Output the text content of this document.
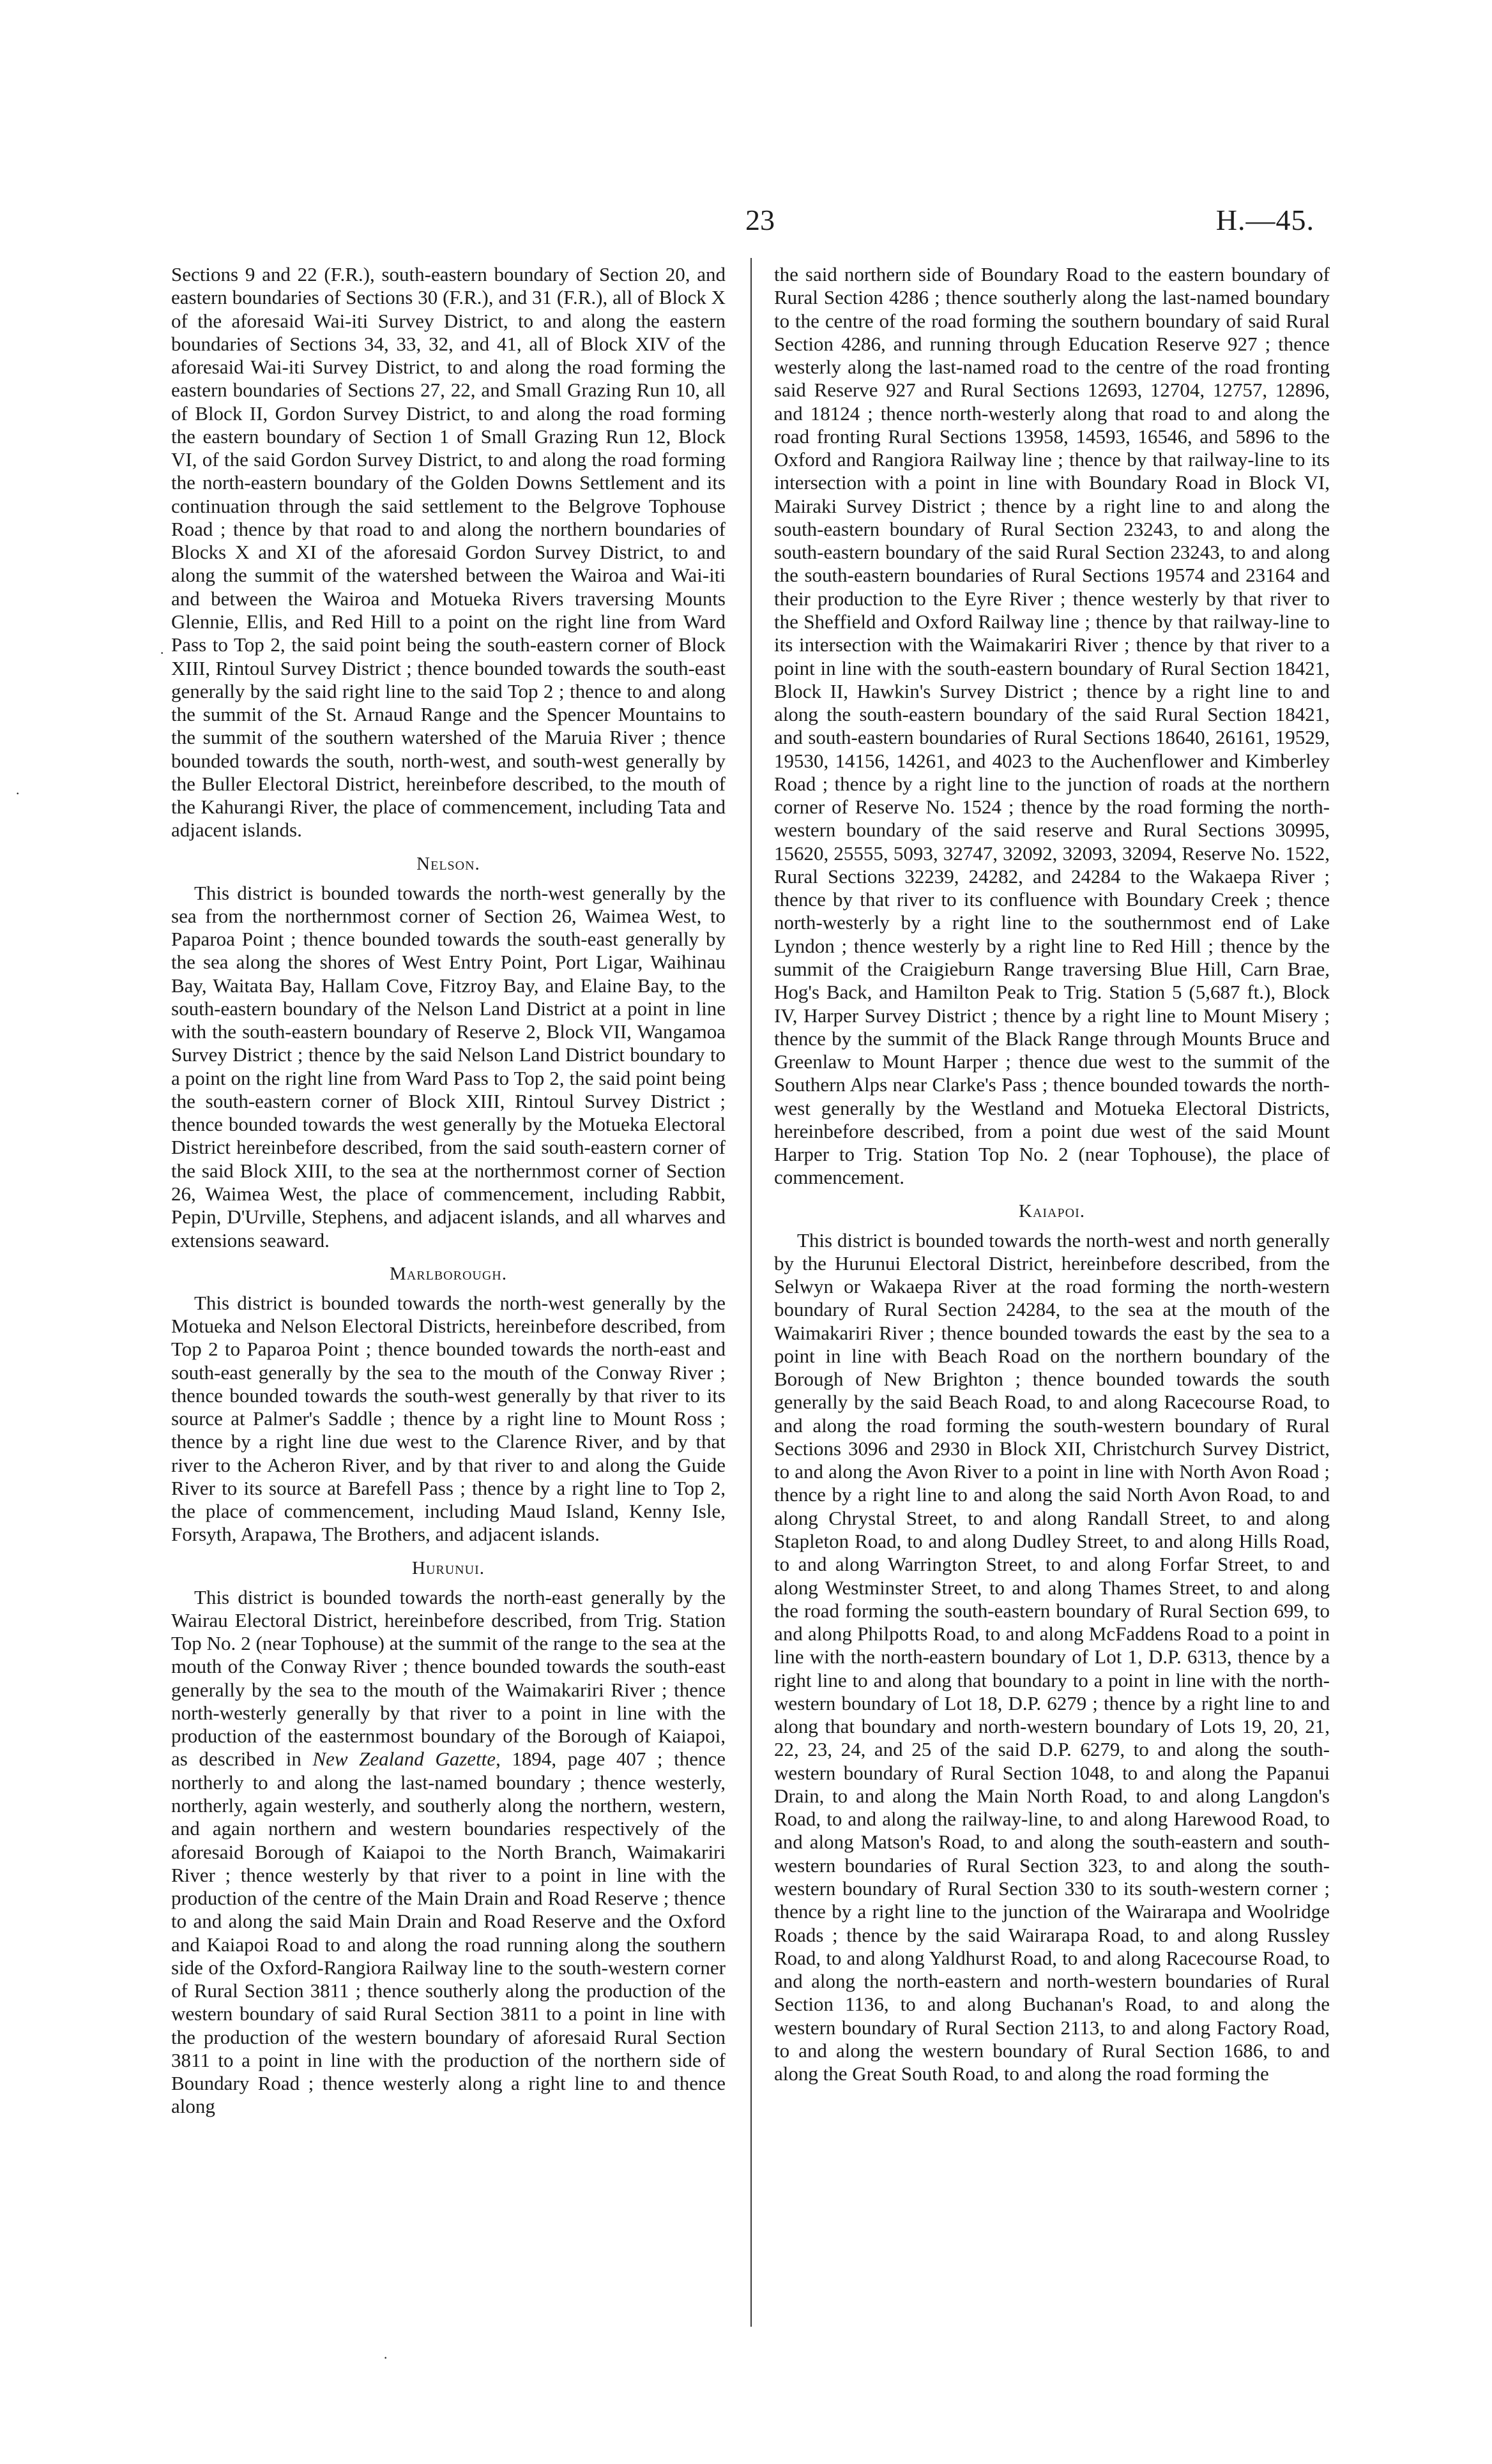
23	H.—45.
·
·
·

Sections 9 and 22 (F.R.), south-eastern boundary of Section 20, and eastern boundaries of Sections 30 (F.R.), and 31 (F.R.), all of Block X of the aforesaid Wai-iti Survey District, to and along the eastern boundaries of Sections 34, 33, 32, and 41, all of Block XIV of the aforesaid Wai-iti Survey District, to and along the road forming the eastern boundaries of Sections 27, 22, and Small Grazing Run 10, all of Block II, Gordon Survey District, to and along the road forming the eastern boundary of Section 1 of Small Grazing Run 12, Block VI, of the said Gordon Survey District, to and along the road forming the north-eastern boundary of the Golden Downs Settlement and its continuation through the said settlement to the Belgrove Tophouse Road ; thence by that road to and along the northern boundaries of Blocks X and XI of the aforesaid Gordon Survey District, to and along the summit of the watershed between the Wairoa and Wai-iti and between the Wairoa and Motueka Rivers traversing Mounts Glennie, Ellis, and Red Hill to a point on the right line from Ward Pass to Top 2, the said point being the south-eastern corner of Block XIII, Rintoul Survey District ; thence bounded towards the south-east generally by the said right line to the said Top 2 ; thence to and along the summit of the St. Arnaud Range and the Spencer Mountains to the summit of the southern watershed of the Maruia River ; thence bounded towards the south, north-west, and south-west generally by the Buller Electoral District, hereinbefore described, to the mouth of the Kahurangi River, the place of commencement, including Tata and adjacent islands.

Nelson.

This district is bounded towards the north-west generally by the sea from the northernmost corner of Section 26, Waimea West, to Paparoa Point ; thence bounded towards the south-east generally by the sea along the shores of West Entry Point, Port Ligar, Waihinau Bay, Waitata Bay, Hallam Cove, Fitzroy Bay, and Elaine Bay, to the south-eastern boundary of the Nelson Land District at a point in line with the south-eastern boundary of Reserve 2, Block VII, Wangamoa Survey District ; thence by the said Nelson Land District boundary to a point on the right line from Ward Pass to Top 2, the said point being the south-eastern corner of Block XIII, Rintoul Survey District ; thence bounded towards the west generally by the Motueka Electoral District hereinbefore described, from the said south-eastern corner of the said Block XIII, to the sea at the northernmost corner of Section 26, Waimea West, the place of commencement, including Rabbit, Pepin, D'Urville, Stephens, and adjacent islands, and all wharves and extensions seaward.

Marlborough.

This district is bounded towards the north-west generally by the Motueka and Nelson Electoral Districts, hereinbefore described, from Top 2 to Paparoa Point ; thence bounded towards the north-east and south-east generally by the sea to the mouth of the Conway River ; thence bounded towards the south-west generally by that river to its source at Palmer's Saddle ; thence by a right line to Mount Ross ; thence by a right line due west to the Clarence River, and by that river to the Acheron River, and by that river to and along the Guide River to its source at Barefell Pass ; thence by a right line to Top 2, the place of commencement, including Maud Island, Kenny Isle, Forsyth, Arapawa, The Brothers, and adjacent islands.

Hurunui.

This district is bounded towards the north-east generally by the Wairau Electoral District, hereinbefore described, from Trig. Station Top No. 2 (near Tophouse) at the summit of the range to the sea at the mouth of the Conway River ; thence bounded towards the south-east generally by the sea to the mouth of the Waimakariri River ; thence north-westerly generally by that river to a point in line with the production of the easternmost boundary of the Borough of Kaiapoi, as described in New Zealand Gazette, 1894, page 407 ; thence northerly to and along the last-named boundary ; thence westerly, northerly, again westerly, and southerly along the northern, western, and again northern and western boundaries respectively of the aforesaid Borough of Kaiapoi to the North Branch, Waimakariri River ; thence westerly by that river to a point in line with the production of the centre of the Main Drain and Road Reserve ; thence to and along the said Main Drain and Road Reserve and the Oxford and Kaiapoi Road to and along the road running along the southern side of the Oxford-Rangiora Railway line to the south-western corner of Rural Section 3811 ; thence southerly along the production of the western boundary of said Rural Section 3811 to a point in line with the production of the western boundary of aforesaid Rural Section 3811 to a point in line with the production of the northern side of Boundary Road ; thence westerly along a right line to and thence along

the said northern side of Boundary Road to the eastern boundary of Rural Section 4286 ; thence southerly along the last-named boundary to the centre of the road forming the southern boundary of said Rural Section 4286, and running through Education Reserve 927 ; thence westerly along the last-named road to the centre of the road fronting said Reserve 927 and Rural Sections 12693, 12704, 12757, 12896, and 18124 ; thence north-westerly along that road to and along the road fronting Rural Sections 13958, 14593, 16546, and 5896 to the Oxford and Rangiora Railway line ; thence by that railway-line to its intersection with a point in line with Boundary Road in Block VI, Mairaki Survey District ; thence by a right line to and along the south-eastern boundary of Rural Section 23243, to and along the south-eastern boundary of the said Rural Section 23243, to and along the south-eastern boundaries of Rural Sections 19574 and 23164 and their production to the Eyre River ; thence westerly by that river to the Sheffield and Oxford Railway line ; thence by that railway-line to its intersection with the Waimakariri River ; thence by that river to a point in line with the south-eastern boundary of Rural Section 18421, Block II, Hawkin's Survey District ; thence by a right line to and along the south-eastern boundary of the said Rural Section 18421, and south-eastern boundaries of Rural Sections 18640, 26161, 19529, 19530, 14156, 14261, and 4023 to the Auchenflower and Kimberley Road ; thence by a right line to the junction of roads at the northern corner of Reserve No. 1524 ; thence by the road forming the north-western boundary of the said reserve and Rural Sections 30995, 15620, 25555, 5093, 32747, 32092, 32093, 32094, Reserve No. 1522, Rural Sections 32239, 24282, and 24284 to the Wakaepa River ; thence by that river to its confluence with Boundary Creek ; thence north-westerly by a right line to the southernmost end of Lake Lyndon ; thence westerly by a right line to Red Hill ; thence by the summit of the Craigieburn Range traversing Blue Hill, Carn Brae, Hog's Back, and Hamilton Peak to Trig. Station 5 (5,687 ft.), Block IV, Harper Survey District ; thence by a right line to Mount Misery ; thence by the summit of the Black Range through Mounts Bruce and Greenlaw to Mount Harper ; thence due west to the summit of the Southern Alps near Clarke's Pass ; thence bounded towards the north-west generally by the Westland and Motueka Electoral Districts, hereinbefore described, from a point due west of the said Mount Harper to Trig. Station Top No. 2 (near Tophouse), the place of commencement.

Kaiapoi.

This district is bounded towards the north-west and north generally by the Hurunui Electoral District, hereinbefore described, from the Selwyn or Wakaepa River at the road forming the north-western boundary of Rural Section 24284, to the sea at the mouth of the Waimakariri River ; thence bounded towards the east by the sea to a point in line with Beach Road on the northern boundary of the Borough of New Brighton ; thence bounded towards the south generally by the said Beach Road, to and along Racecourse Road, to and along the road forming the south-western boundary of Rural Sections 3096 and 2930 in Block XII, Christchurch Survey District, to and along the Avon River to a point in line with North Avon Road ; thence by a right line to and along the said North Avon Road, to and along Chrystal Street, to and along Randall Street, to and along Stapleton Road, to and along Dudley Street, to and along Hills Road, to and along Warrington Street, to and along Forfar Street, to and along Westminster Street, to and along Thames Street, to and along the road forming the south-eastern boundary of Rural Section 699, to and along Philpotts Road, to and along McFaddens Road to a point in line with the north-eastern boundary of Lot 1, D.P. 6313, thence by a right line to and along that boundary to a point in line with the north-western boundary of Lot 18, D.P. 6279 ; thence by a right line to and along that boundary and north-western boundary of Lots 19, 20, 21, 22, 23, 24, and 25 of the said D.P. 6279, to and along the south-western boundary of Rural Section 1048, to and along the Papanui Drain, to and along the Main North Road, to and along Langdon's Road, to and along the railway-line, to and along Harewood Road, to and along Matson's Road, to and along the south-eastern and south-western boundaries of Rural Section 323, to and along the south-western boundary of Rural Section 330 to its south-western corner ; thence by a right line to the junction of the Wairarapa and Woolridge Roads ; thence by the said Wairarapa Road, to and along Russley Road, to and along Yaldhurst Road, to and along Racecourse Road, to and along the north-eastern and north-western boundaries of Rural Section 1136, to and along Buchanan's Road, to and along the western boundary of Rural Section 2113, to and along Factory Road, to and along the western boundary of Rural Section 1686, to and along the Great South Road, to and along the road forming the
